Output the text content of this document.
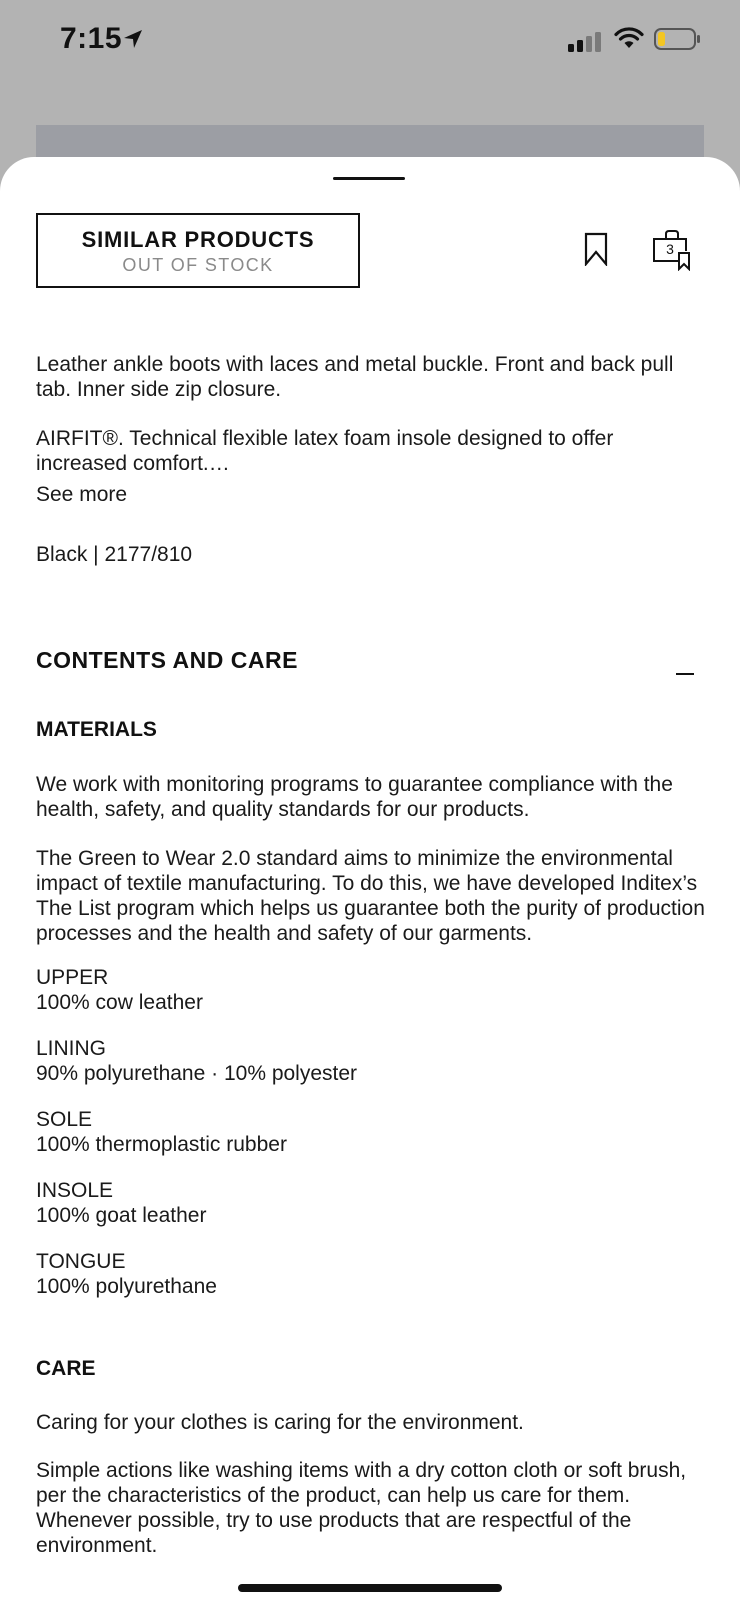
7:15
SIMILAR PRODUCTS
OUT OF STOCK
3
Leather ankle boots with laces and metal buckle. Front and back pull tab. Inner side zip closure.
AIRFIT®. Technical flexible latex foam insole designed to offer increased comfort.…
See more
Black | 2177/810
CONTENTS AND CARE
MATERIALS
We work with monitoring programs to guarantee compliance with the health, safety, and quality standards for our products.
The Green to Wear 2.0 standard aims to minimize the environmental impact of textile manufacturing. To do this, we have developed Inditex’s The List program which helps us guarantee both the purity of production processes and the health and safety of our garments.
UPPER
100% cow leather
LINING
90% polyurethane · 10% polyester
SOLE
100% thermoplastic rubber
INSOLE
100% goat leather
TONGUE
100% polyurethane
CARE
Caring for your clothes is caring for the environment.
Simple actions like washing items with a dry cotton cloth or soft brush, per the characteristics of the product, can help us care for them. Whenever possible, try to use products that are respectful of the environment.
